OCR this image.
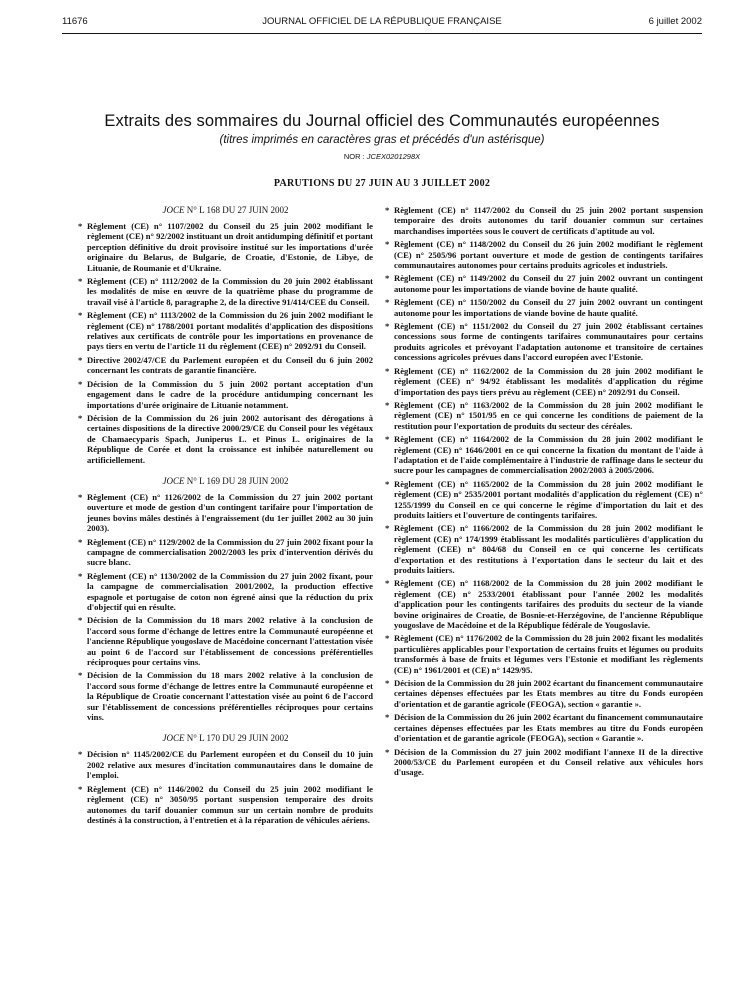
11676	JOURNAL OFFICIEL DE LA RÉPUBLIQUE FRANÇAISE	6 juillet 2002
Extraits des sommaires du Journal officiel des Communautés européennes
(titres imprimés en caractères gras et précédés d'un astérisque)
NOR : JCEX0201298X
PARUTIONS DU 27 JUIN AU 3 JUILLET 2002
JOCE N° L 168 DU 27 JUIN 2002
* Règlement (CE) n° 1107/2002 du Conseil du 25 juin 2002 modifiant le règlement (CE) n° 92/2002 instituant un droit antidumping définitif et portant perception définitive du droit provisoire institué sur les importations d'urée originaire du Belarus, de Bulgarie, de Croatie, d'Estonie, de Libye, de Lituanie, de Roumanie et d'Ukraine.
* Règlement (CE) n° 1112/2002 de la Commission du 20 juin 2002 établissant les modalités de mise en œuvre de la quatrième phase du programme de travail visé à l'article 8, paragraphe 2, de la directive 91/414/CEE du Conseil.
* Règlement (CE) n° 1113/2002 de la Commission du 26 juin 2002 modifiant le règlement (CE) n° 1788/2001 portant modalités d'application des dispositions relatives aux certificats de contrôle pour les importations en provenance de pays tiers en vertu de l'article 11 du règlement (CEE) n° 2092/91 du Conseil.
* Directive 2002/47/CE du Parlement européen et du Conseil du 6 juin 2002 concernant les contrats de garantie financière.
* Décision de la Commission du 5 juin 2002 portant acceptation d'un engagement dans le cadre de la procédure antidumping concernant les importations d'urée originaire de Lituanie notamment.
* Décision de la Commission du 26 juin 2002 autorisant des dérogations à certaines dispositions de la directive 2000/29/CE du Conseil pour les végétaux de Chamaecyparis Spach, Juniperus L. et Pinus L. originaires de la République de Corée et dont la croissance est inhibée naturellement ou artificiellement.
JOCE N° L 169 DU 28 JUIN 2002
* Règlement (CE) n° 1126/2002 de la Commission du 27 juin 2002 portant ouverture et mode de gestion d'un contingent tarifaire pour l'importation de jeunes bovins mâles destinés à l'engraissement (du 1er juillet 2002 au 30 juin 2003).
* Règlement (CE) n° 1129/2002 de la Commission du 27 juin 2002 fixant pour la campagne de commercialisation 2002/2003 les prix d'intervention dérivés du sucre blanc.
* Règlement (CE) n° 1130/2002 de la Commission du 27 juin 2002 fixant, pour la campagne de commercialisation 2001/2002, la production effective espagnole et portugaise de coton non égrené ainsi que la réduction du prix d'objectif qui en résulte.
* Décision de la Commission du 18 mars 2002 relative à la conclusion de l'accord sous forme d'échange de lettres entre la Communauté européenne et l'ancienne République yougoslave de Macédoine concernant l'attestation visée au point 6 de l'accord sur l'établissement de concessions préférentielles réciproques pour certains vins.
* Décision de la Commission du 18 mars 2002 relative à la conclusion de l'accord sous forme d'échange de lettres entre la Communauté européenne et la République de Croatie concernant l'attestation visée au point 6 de l'accord sur l'établissement de concessions préférentielles réciproques pour certains vins.
JOCE N° L 170 DU 29 JUIN 2002
* Décision n° 1145/2002/CE du Parlement européen et du Conseil du 10 juin 2002 relative aux mesures d'incitation communautaires dans le domaine de l'emploi.
* Règlement (CE) n° 1146/2002 du Conseil du 25 juin 2002 modifiant le règlement (CE) n° 3050/95 portant suspension temporaire des droits autonomes du tarif douanier commun sur un certain nombre de produits destinés à la construction, à l'entretien et à la réparation de véhicules aériens.
* Règlement (CE) n° 1147/2002 du Conseil du 25 juin 2002 portant suspension temporaire des droits autonomes du tarif douanier commun sur certaines marchandises importées sous le couvert de certificats d'aptitude au vol.
* Règlement (CE) n° 1148/2002 du Conseil du 26 juin 2002 modifiant le règlement (CE) n° 2505/96 portant ouverture et mode de gestion de contingents tarifaires communautaires autonomes pour certains produits agricoles et industriels.
* Règlement (CE) n° 1149/2002 du Conseil du 27 juin 2002 ouvrant un contingent autonome pour les importations de viande bovine de haute qualité.
* Règlement (CE) n° 1150/2002 du Conseil du 27 juin 2002 ouvrant un contingent autonome pour les importations de viande bovine de haute qualité.
* Règlement (CE) n° 1151/2002 du Conseil du 27 juin 2002 établissant certaines concessions sous forme de contingents tarifaires communautaires pour certains produits agricoles et prévoyant l'adaptation autonome et transitoire de certaines concessions agricoles prévues dans l'accord européen avec l'Estonie.
* Règlement (CE) n° 1162/2002 de la Commission du 28 juin 2002 modifiant le règlement (CEE) n° 94/92 établissant les modalités d'application du régime d'importation des pays tiers prévu au règlement (CEE) n° 2092/91 du Conseil.
* Règlement (CE) n° 1163/2002 de la Commission du 28 juin 2002 modifiant le règlement (CE) n° 1501/95 en ce qui concerne les conditions de paiement de la restitution pour l'exportation de produits du secteur des céréales.
* Règlement (CE) n° 1164/2002 de la Commission du 28 juin 2002 modifiant le règlement (CE) n° 1646/2001 en ce qui concerne la fixation du montant de l'aide à l'adaptation et de l'aide complémentaire à l'industrie de raffinage dans le secteur du sucre pour les campagnes de commercialisation 2002/2003 à 2005/2006.
* Règlement (CE) n° 1165/2002 de la Commission du 28 juin 2002 modifiant le règlement (CE) n° 2535/2001 portant modalités d'application du règlement (CE) n° 1255/1999 du Conseil en ce qui concerne le régime d'importation du lait et des produits laitiers et l'ouverture de contingents tarifaires.
* Règlement (CE) n° 1166/2002 de la Commission du 28 juin 2002 modifiant le règlement (CE) n° 174/1999 établissant les modalités particulières d'application du règlement (CEE) n° 804/68 du Conseil en ce qui concerne les certificats d'exportation et des restitutions à l'exportation dans le secteur du lait et des produits laitiers.
* Règlement (CE) n° 1168/2002 de la Commission du 28 juin 2002 modifiant le règlement (CE) n° 2533/2001 établissant pour l'année 2002 les modalités d'application pour les contingents tarifaires des produits du secteur de la viande bovine originaires de Croatie, de Bosnie-et-Herzégovine, de l'ancienne République yougoslave de Macédoine et de la République fédérale de Yougoslavie.
* Règlement (CE) n° 1176/2002 de la Commission du 28 juin 2002 fixant les modalités particulières applicables pour l'exportation de certains fruits et légumes ou produits transformés à base de fruits et légumes vers l'Estonie et modifiant les règlements (CE) n° 1961/2001 et (CE) n° 1429/95.
* Décision de la Commission du 28 juin 2002 écartant du financement communautaire certaines dépenses effectuées par les Etats membres au titre du Fonds européen d'orientation et de garantie agricole (FEOGA), section « garantie ».
* Décision de la Commission du 26 juin 2002 écartant du financement communautaire certaines dépenses effectuées par les Etats membres au titre du Fonds européen d'orientation et de garantie agricole (FEOGA), section « Garantie ».
* Décision de la Commission du 27 juin 2002 modifiant l'annexe II de la directive 2000/53/CE du Parlement européen et du Conseil relative aux véhicules hors d'usage.
